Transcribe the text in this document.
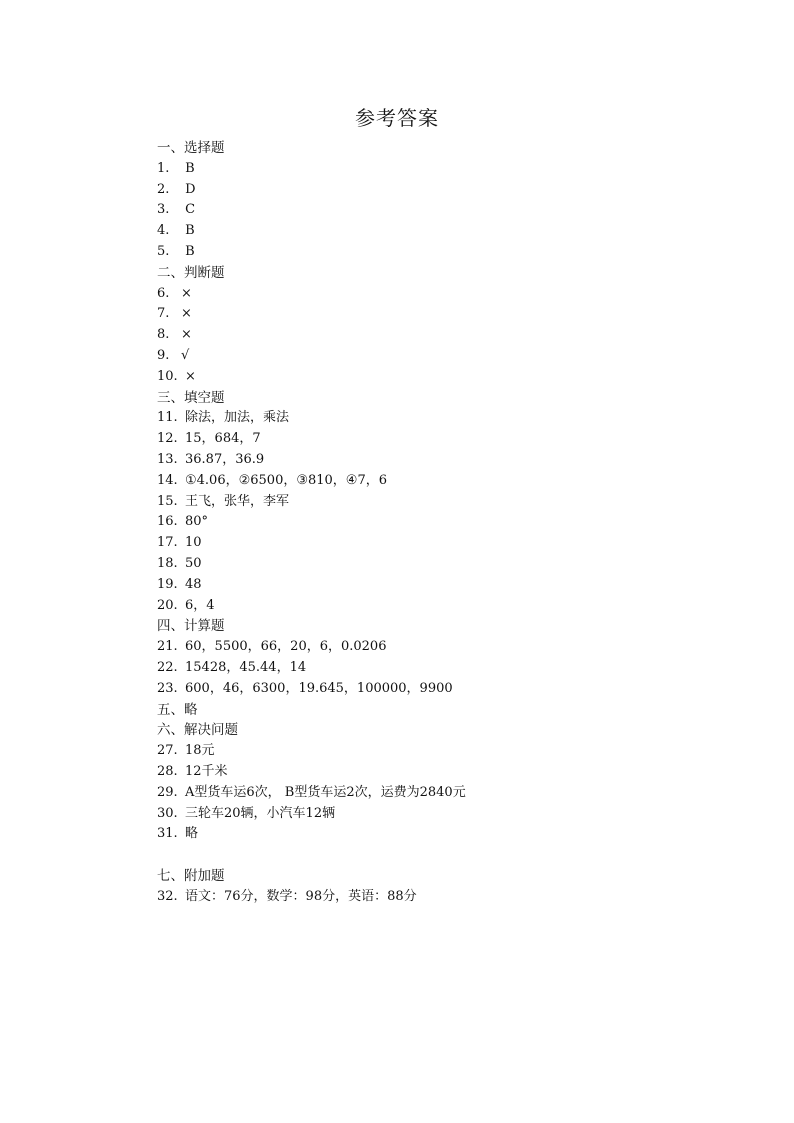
参考答案
一、选择题
1. B
2. D
3. C
4. B
5. B
二、判断题
6. ×
7. ×
8. ×
9. √
10. ×
三、填空题
11. 除法，加法，乘法
12. 15，684，7
13. 36.87，36.9
14. ①4.06，②6500，③810，④7，6
15. 王飞，张华，李军
16. 80°
17. 10
18. 50
19. 48
20. 6，4
四、计算题
21. 60，5500，66，20，6，0.0206
22. 15428，45.44，14
23. 600，46，6300，19.645，100000，9900
五、略
六、解决问题
27. 18元
28. 12千米
29. A型货车运6次， B型货车运2次，运费为2840元
30. 三轮车20辆，小汽车12辆
31. 略
七、附加题
32. 语文：76分，数学：98分，英语：88分
